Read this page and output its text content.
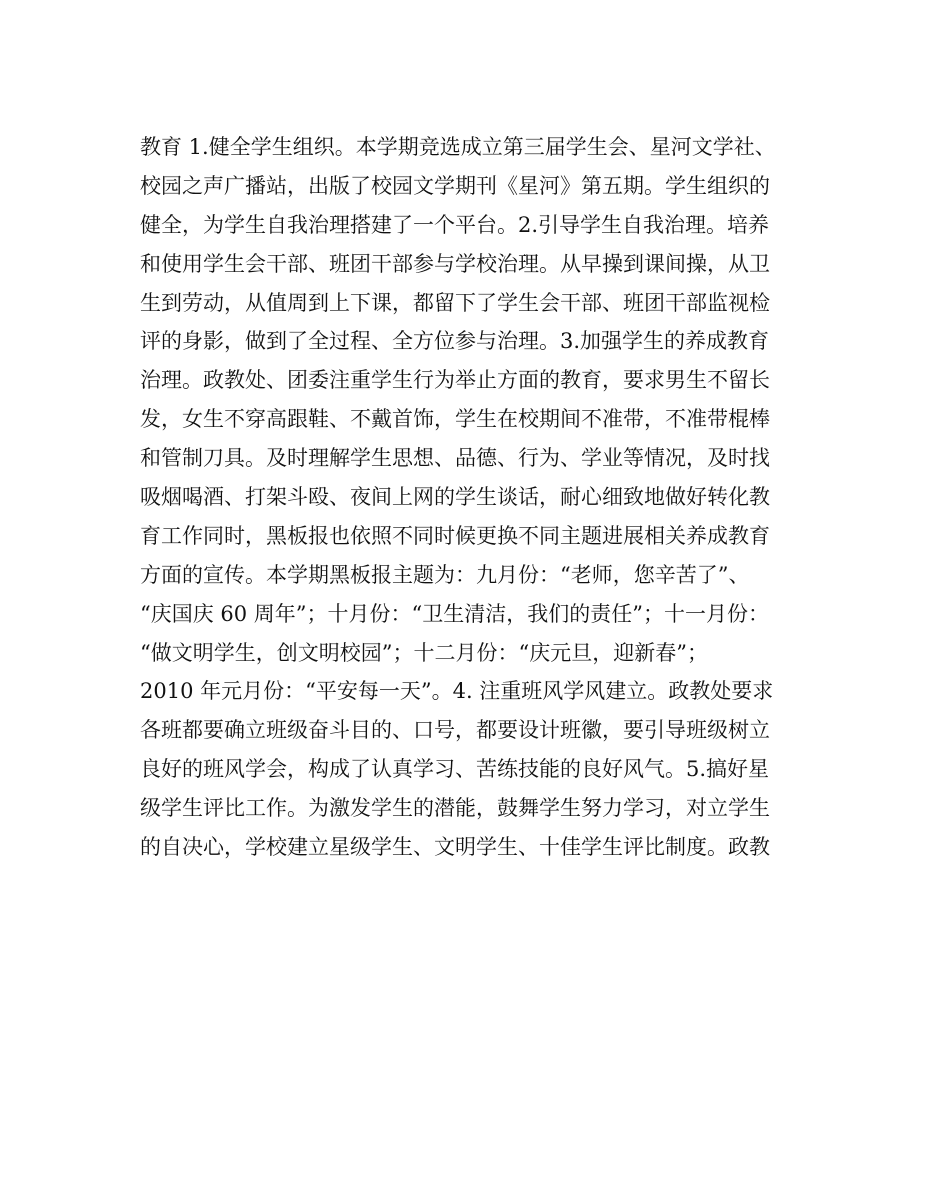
教育 1.健全学生组织。本学期竞选成立第三届学生会、星河文学社、
校园之声广播站，出版了校园文学期刊《星河》第五期。学生组织的
健全，为学生自我治理搭建了一个平台。2.引导学生自我治理。培养
和使用学生会干部、班团干部参与学校治理。从早操到课间操，从卫
生到劳动，从值周到上下课，都留下了学生会干部、班团干部监视检
评的身影，做到了全过程、全方位参与治理。3.加强学生的养成教育
治理。政教处、团委注重学生行为举止方面的教育，要求男生不留长
发，女生不穿高跟鞋、不戴首饰，学生在校期间不准带，不准带棍棒
和管制刀具。及时理解学生思想、品德、行为、学业等情况，及时找
吸烟喝酒、打架斗殴、夜间上网的学生谈话，耐心细致地做好转化教
育工作同时，黑板报也依照不同时候更换不同主题进展相关养成教育
方面的宣传。本学期黑板报主题为：九月份：“老师，您辛苦了”、
“庆国庆 60 周年”；十月份：“卫生清洁，我们的责任”；十一月份：
“做文明学生，创文明校园”；十二月份：“庆元旦，迎新春”；
2010 年元月份：“平安每一天”。4. 注重班风学风建立。政教处要求
各班都要确立班级奋斗目的、口号，都要设计班徽，要引导班级树立
良好的班风学会，构成了认真学习、苦练技能的良好风气。5.搞好星
级学生评比工作。为激发学生的潜能，鼓舞学生努力学习，对立学生
的自决心，学校建立星级学生、文明学生、十佳学生评比制度。政教
